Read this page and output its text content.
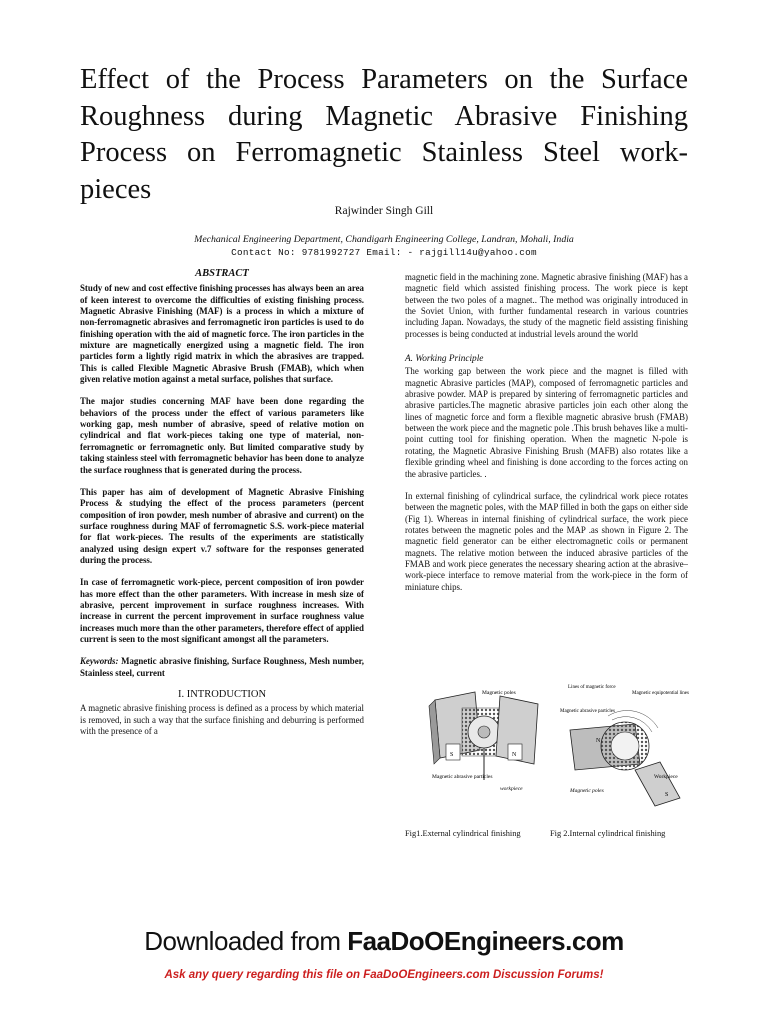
Effect of the Process Parameters on the Surface Roughness during Magnetic Abrasive Finishing Process on Ferromagnetic Stainless Steel work-pieces
Rajwinder Singh Gill
Mechanical Engineering Department, Chandigarh Engineering College, Landran, Mohali, India
Contact No: 9781992727 Email: - rajgill14u@yahoo.com
ABSTRACT

Study of new and cost effective finishing processes has always been an area of keen interest to overcome the difficulties of existing finishing process. Magnetic Abrasive Finishing (MAF) is a process in which a mixture of non-ferromagnetic abrasives and ferromagnetic iron particles is used to do finishing operation with the aid of magnetic force. The iron particles in the mixture are magnetically energized using a magnetic field. The iron particles form a lightly rigid matrix in which the abrasives are trapped. This is called Flexible Magnetic Abrasive Brush (FMAB), which when given relative motion against a metal surface, polishes that surface.

The major studies concerning MAF have been done regarding the behaviors of the process under the effect of various parameters like working gap, mesh number of abrasive, speed of relative motion on cylindrical and flat work-pieces taking one type of material, non-ferromagnetic or ferromagnetic only. But limited comparative study by taking stainless steel with ferromagnetic behavior has been done to analyze the surface roughness that is generated during the process.

This paper has aim of development of Magnetic Abrasive Finishing Process & studying the effect of the process parameters (percent composition of iron powder, mesh number of abrasive and current) on the surface roughness during MAF of ferromagnetic S.S. work-piece material for flat work-pieces. The results of the experiments are statistically analyzed using design expert v.7 software for the responses generated during the process.

In case of ferromagnetic work-piece, percent composition of iron powder has more effect than the other parameters. With increase in mesh size of abrasive, percent improvement in surface roughness increases. With increase in current the percent improvement in surface roughness value increases much more than the other parameters, therefore effect of applied current is seen to the most significant amongst all the parameters.

Keywords: Magnetic abrasive finishing, Surface Roughness, Mesh number, Stainless steel, current

I. INTRODUCTION

A magnetic abrasive finishing process is defined as a process by which material is removed, in such a way that the surface finishing and deburring is performed with the presence of a

magnetic field in the machining zone. Magnetic abrasive finishing (MAF) has a magnetic field which assisted finishing process. The work piece is kept between the two poles of a magnet.. The method was originally introduced in the Soviet Union, with further fundamental research in various countries including Japan. Nowadays, the study of the magnetic field assisting finishing processes is being conducted at industrial levels around the world

A. Working Principle

The working gap between the work piece and the magnet is filled with magnetic Abrasive particles (MAP), composed of ferromagnetic particles and abrasive powder. MAP is prepared by sintering of ferromagnetic particles and abrasive particles.The magnetic abrasive particles join each other along the lines of magnetic force and form a flexible magnetic abrasive brush (FMAB) between the work piece and the magnetic pole .This brush behaves like a multi-point cutting tool for finishing operation. When the magnetic N-pole is rotating, the Magnetic Abrasive Finishing Brush (MAFB) also rotates like a flexible grinding wheel and finishing is done according to the forces acting on the abrasive particles. .

In external finishing of cylindrical surface, the cylindrical work piece rotates between the magnetic poles, with the MAP filled in both the gaps on either side (Fig 1). Whereas in internal finishing of cylindrical surface, the work piece rotates between the magnetic poles and the MAP .as shown in Figure 2. The magnetic field generator can be either electromagnetic coils or permanent magnets. The relative motion between the induced abrasive particles of the FMAB and work piece generates the necessary shearing action at the abrasive–work-piece interface to remove material from the work-piece in the form of miniature chips.

S	N
Magnetic poles
Magnetic abrasive particles
workpiece
S
N
Lines of magnetic force
Magnetic equipotential lines
Magnetic abrasive particles
Workpiece
Magnetic poles
Fig1.External cylindrical finishing	Fig 2.Internal cylindrical finishing
Downloaded from FaaDoOEngineers.com
Ask any query regarding this file on FaaDoOEngineers.com Discussion Forums!
